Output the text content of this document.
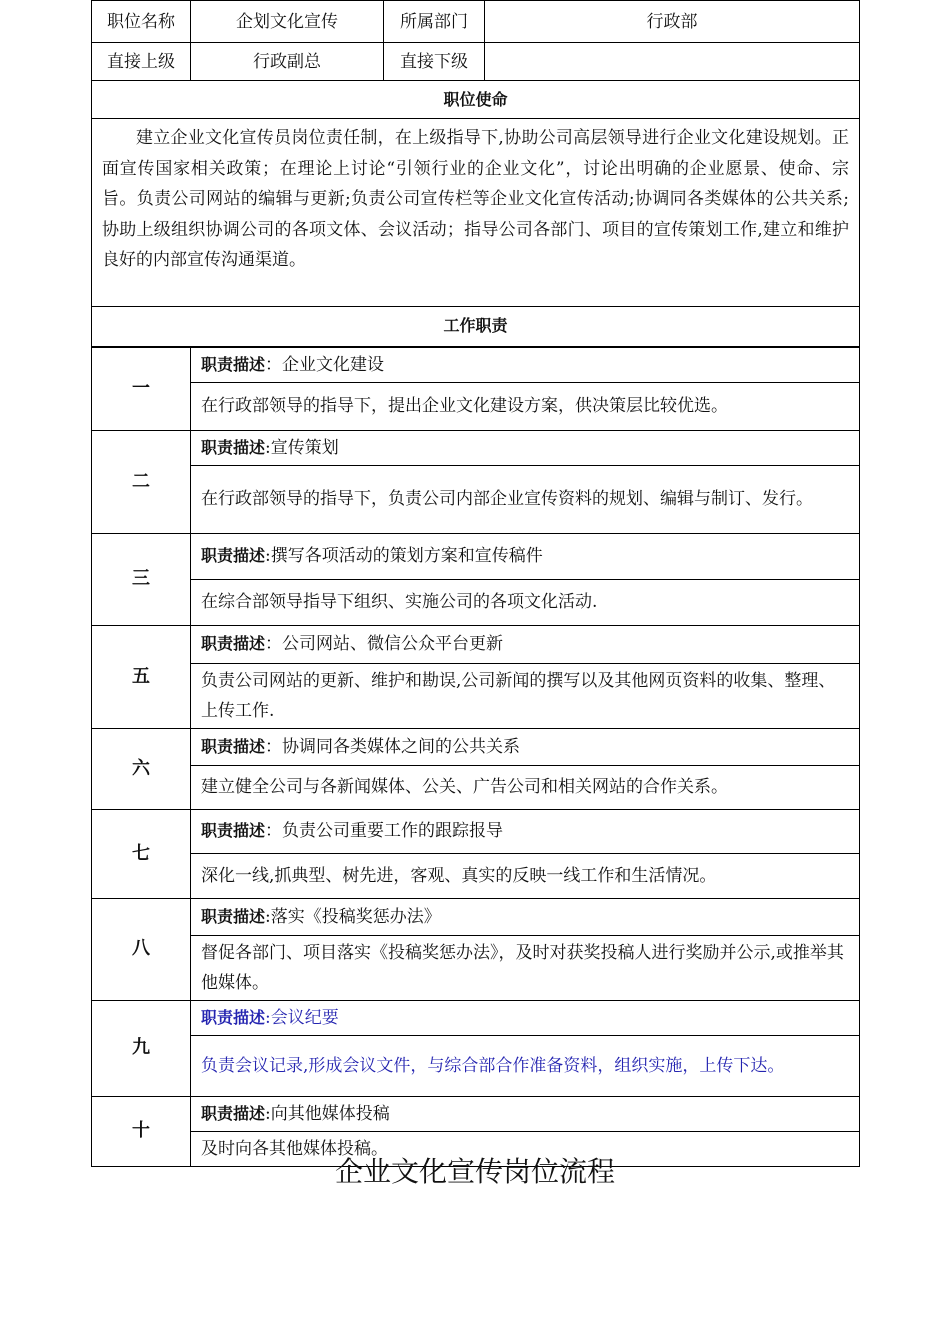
职位名称	企划文化宣传	所属部门	行政部
直接上级	行政副总	直接下级	
职位使命			
建立企业文化宣传员岗位责任制，在上级指导下,协助公司高层领导进行企业文化建设规划。正面宣传国家相关政策；在理论上讨论“引领行业的企业文化”，讨论出明确的企业愿景、使命、宗旨。负责公司网站的编辑与更新;负责公司宣传栏等企业文化宣传活动;协调同各类媒体的公共关系;协助上级组织协调公司的各项文体、会议活动；指导公司各部门、项目的宣传策划工作,建立和维护良好的内部宣传沟通渠道。			
工作职责			
一	职责描述：企业文化建设
	在行政部领导的指导下，提出企业文化建设方案，供决策层比较优选。
二	职责描述:宣传策划
	在行政部领导的指导下，负责公司内部企业宣传资料的规划、编辑与制订、发行。
三	职责描述:撰写各项活动的策划方案和宣传稿件
	在综合部领导指导下组织、实施公司的各项文化活动.
五	职责描述：公司网站、微信公众平台更新
	负责公司网站的更新、维护和勘误,公司新闻的撰写以及其他网页资料的收集、整理、上传工作.
六	职责描述：协调同各类媒体之间的公共关系
	建立健全公司与各新闻媒体、公关、广告公司和相关网站的合作关系。
七	职责描述：负责公司重要工作的跟踪报导
	深化一线,抓典型、树先进，客观、真实的反映一线工作和生活情况。
八	职责描述:落实《投稿奖惩办法》
	督促各部门、项目落实《投稿奖惩办法》，及时对获奖投稿人进行奖励并公示,或推举其他媒体。
九	职责描述:会议纪要
	负责会议记录,形成会议文件，与综合部合作准备资料，组织实施，上传下达。
十	职责描述:向其他媒体投稿
	及时向各其他媒体投稿。
企业文化宣传岗位流程
